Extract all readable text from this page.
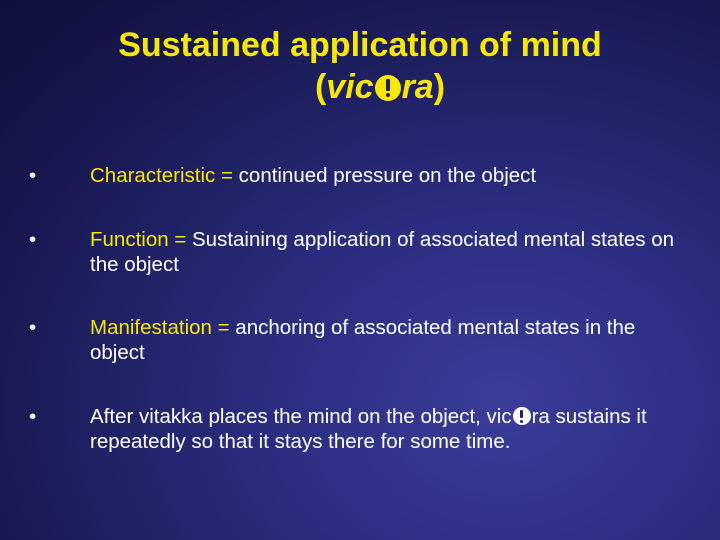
Sustained application of mind
(vic ra)
•	Characteristic = continued pressure on the object
•	Function = Sustaining application of associated mental states on the object
•	Manifestation = anchoring of associated mental states in the object
•	After vitakka places the mind on the object, vic ra sustains it repeatedly so that it stays there for some time.
